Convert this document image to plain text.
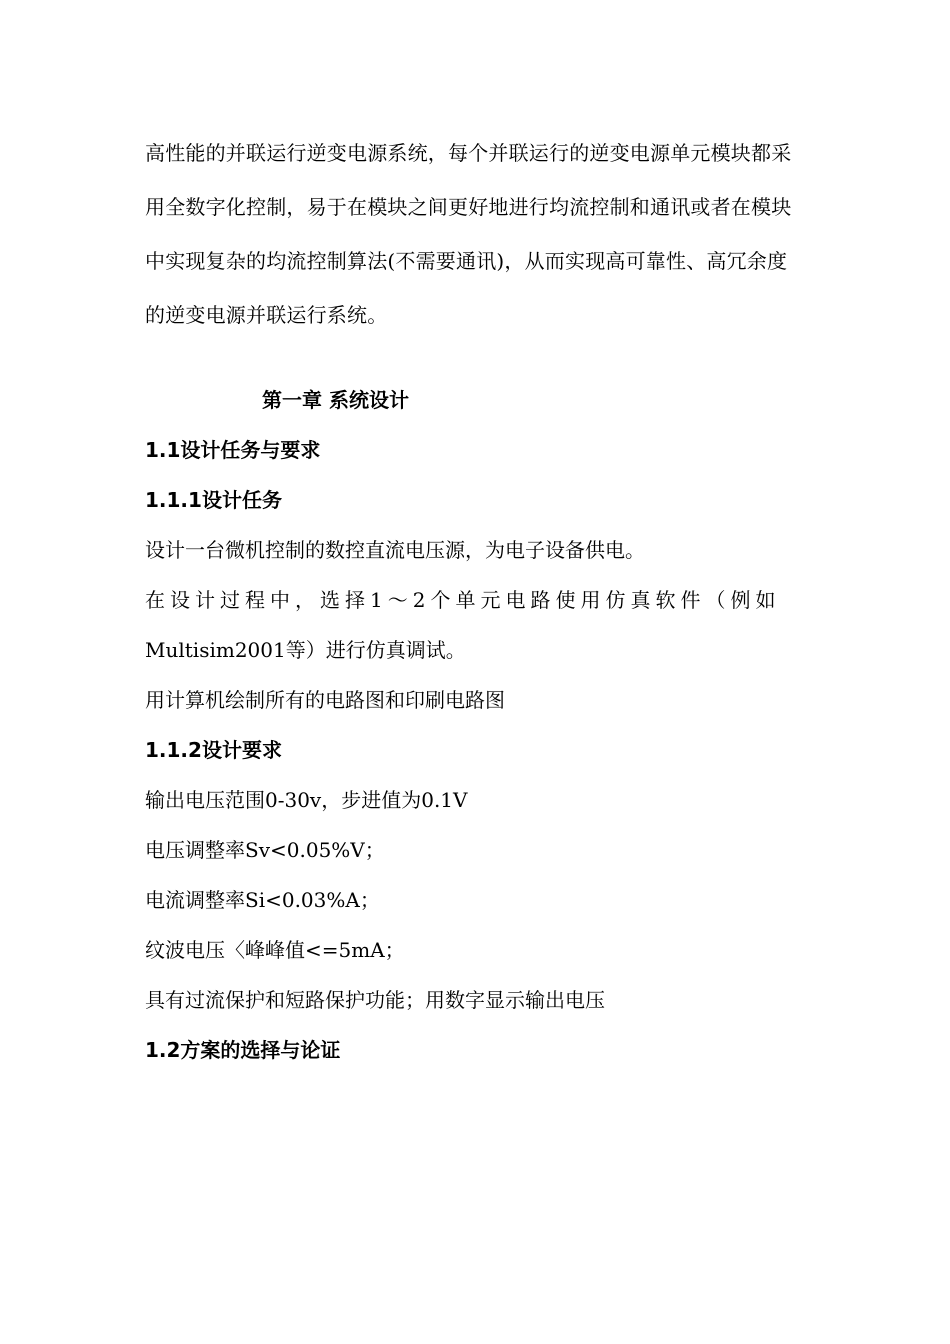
高性能的并联运行逆变电源系统，每个并联运行的逆变电源单元模块都采用全数字化控制，易于在模块之间更好地进行均流控制和通讯或者在模块中实现复杂的均流控制算法(不需要通讯)，从而实现高可靠性、高冗余度的逆变电源并联运行系统。
第一章 系统设计
1.1设计任务与要求
1.1.1设计任务
设计一台微机控制的数控直流电压源，为电子设备供电。
在设计过程中，选择1～2个单元电路使用仿真软件（例如
Multisim2001等）进行仿真调试。
用计算机绘制所有的电路图和印刷电路图
1.1.2设计要求
输出电压范围0-30v，步进值为0.1V
电压调整率Sv<0.05%V；
电流调整率Si<0.03%A；
纹波电压〈峰峰值<=5mA；
具有过流保护和短路保护功能；用数字显示输出电压
1.2方案的选择与论证
